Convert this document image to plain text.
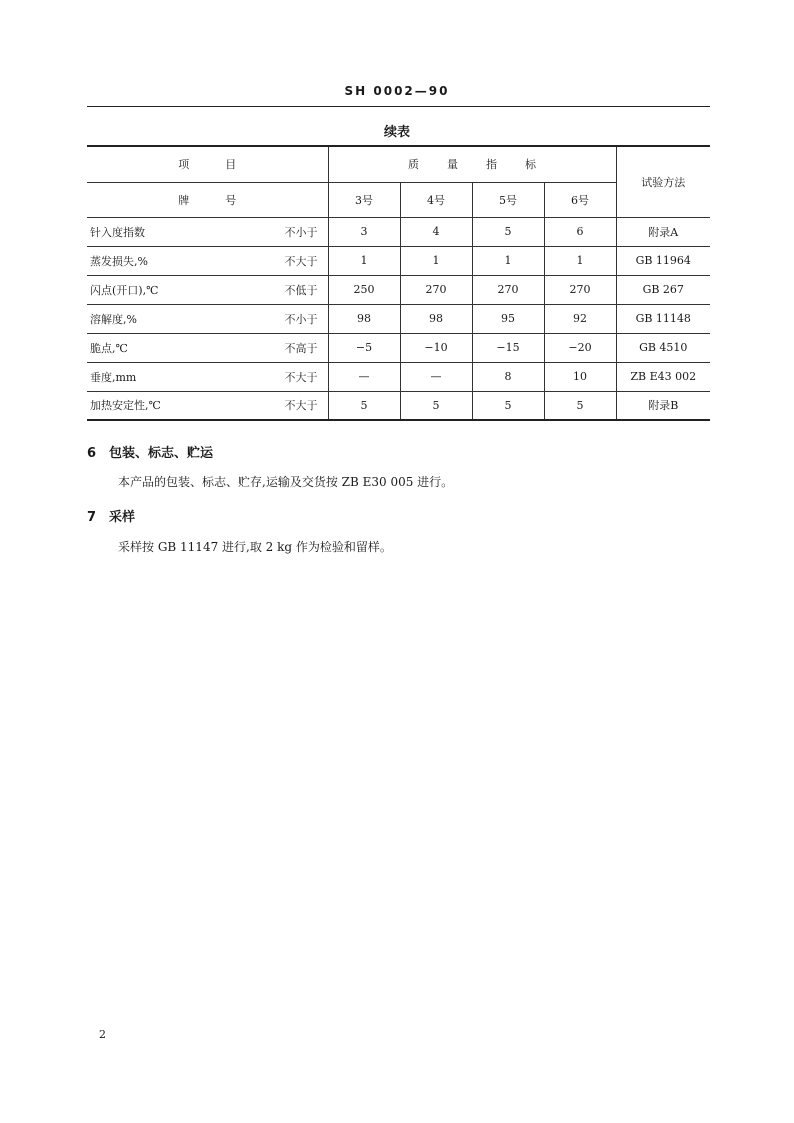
SH 0002—90
续表
项目		质量指标				试验方法
牌号		3号	4号	5号	6号	
针入度指数	不小于	3	4	5	6	附录A
蒸发损失,%	不大于	1	1	1	1	GB 11964
闪点(开口),℃	不低于	250	270	270	270	GB 267
溶解度,%	不小于	98	98	95	92	GB 11148
脆点,℃	不高于	−5	−10	−15	−20	GB 4510
垂度,mm	不大于	—	—	8	10	ZB E43 002
加热安定性,℃	不大于	5	5	5	5	附录B
6 包装、标志、贮运
本产品的包装、标志、贮存,运输及交货按 ZB E30 005 进行。
7 采样
采样按 GB 11147 进行,取 2 kg 作为检验和留样。
2
